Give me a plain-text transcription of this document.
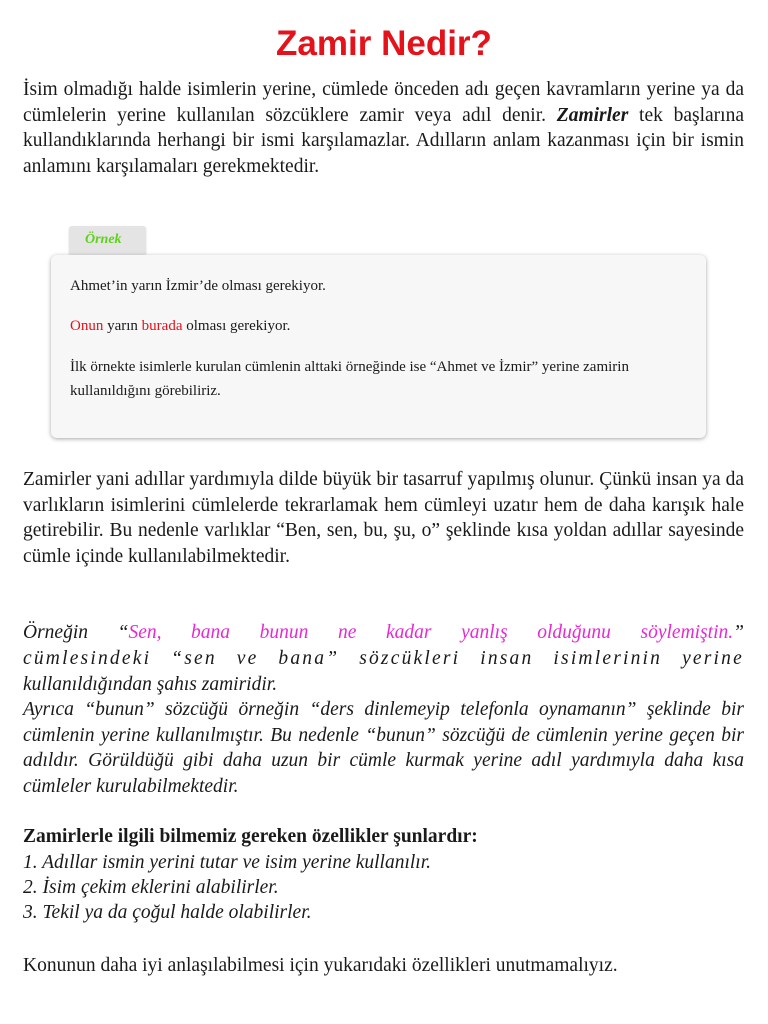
Zamir Nedir?

İsim olmadığı halde isimlerin yerine, cümlede önceden adı geçen kavramların yerine ya da cümlelerin yerine kullanılan sözcüklere zamir veya adıl denir. Zamirler tek başlarına kullandıklarında herhangi bir ismi karşılamazlar. Adılların anlam kazanması için bir ismin anlamını karşılamaları gerekmektedir.

Örnek

Ahmet’in yarın İzmir’de olması gerekiyor.

Onun yarın burada olması gerekiyor.

İlk örnekte isimlerle kurulan cümlenin alttaki örneğinde ise “Ahmet ve İzmir” yerine zamirin kullanıldığını görebiliriz.

Zamirler yani adıllar yardımıyla dilde büyük bir tasarruf yapılmış olunur. Çünkü insan ya da varlıkların isimlerini cümlelerde tekrarlamak hem cümleyi uzatır hem de daha karışık hale getirebilir. Bu nedenle varlıklar “Ben, sen, bu, şu, o” şeklinde kısa yoldan adıllar sayesinde cümle içinde kullanılabilmektedir.

Örneğin “Sen, bana bunun ne kadar yanlış olduğunu söylemiştin.”

cümlesindeki “sen ve bana” sözcükleri insan isimlerinin yerine

kullanıldığından şahıs zamiridir.

Ayrıca “bunun” sözcüğü örneğin “ders dinlemeyip telefonla oynamanın” şeklinde bir cümlenin yerine kullanılmıştır. Bu nedenle “bunun” sözcüğü de cümlenin yerine geçen bir adıldır. Görüldüğü gibi daha uzun bir cümle kurmak yerine adıl yardımıyla daha kısa cümleler kurulabilmektedir.

Zamirlerle ilgili bilmemiz gereken özellikler şunlardır:

1. Adıllar ismin yerini tutar ve isim yerine kullanılır.

2. İsim çekim eklerini alabilirler.

3. Tekil ya da çoğul halde olabilirler.

Konunun daha iyi anlaşılabilmesi için yukarıdaki özellikleri unutmamalıyız.
